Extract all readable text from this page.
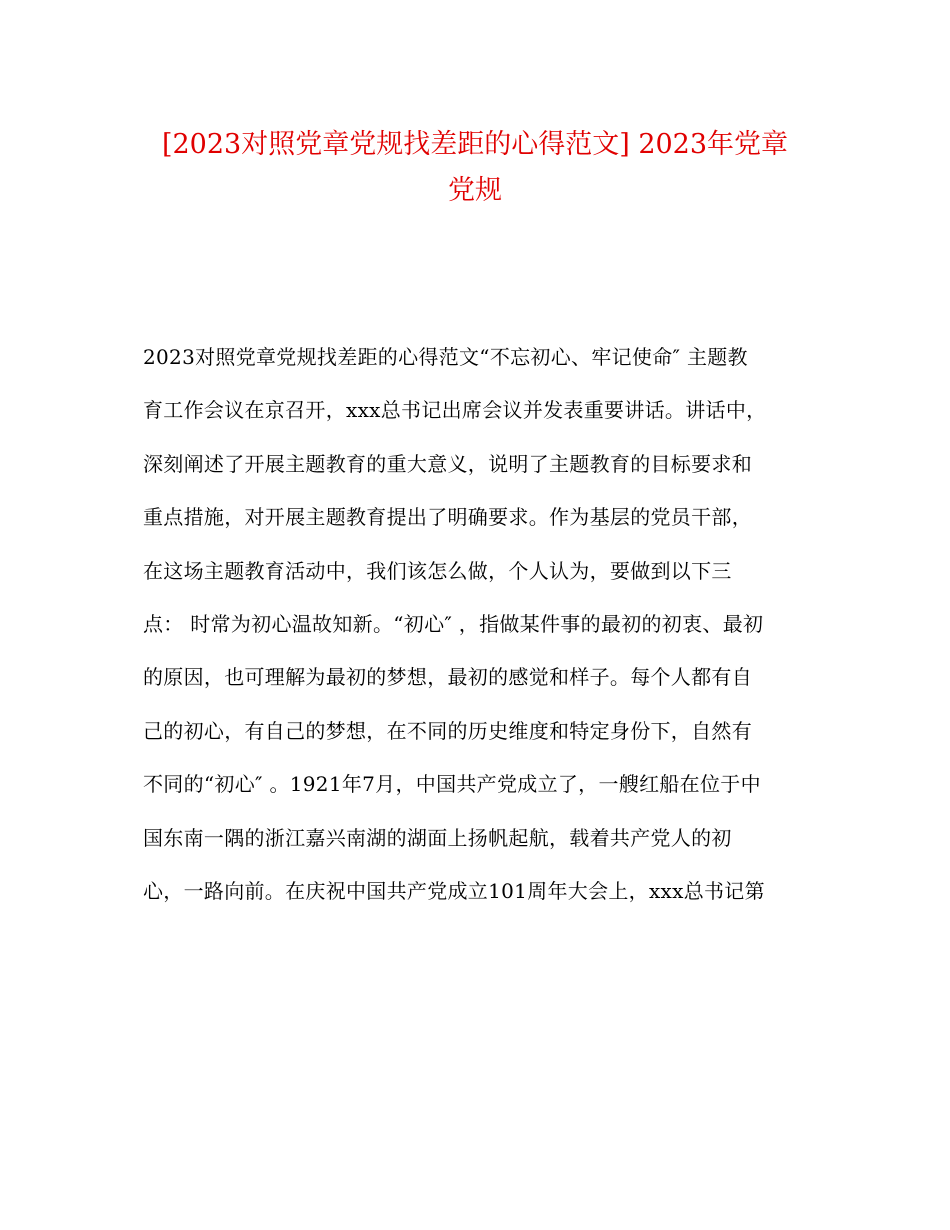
[2023对照党章党规找差距的心得范文] 2023年党章
党规
2023对照党章党规找差距的心得范文“不忘初心、牢记使命″ 主题教
育工作会议在京召开，xxx总书记出席会议并发表重要讲话。讲话中，
深刻阐述了开展主题教育的重大意义，说明了主题教育的目标要求和
重点措施，对开展主题教育提出了明确要求。作为基层的党员干部，
在这场主题教育活动中，我们该怎么做，个人认为，要做到以下三
点： 时常为初心温故知新。“初心″ ，指做某件事的最初的初衷、最初
的原因，也可理解为最初的梦想，最初的感觉和样子。每个人都有自
己的初心，有自己的梦想，在不同的历史维度和特定身份下，自然有
不同的“初心″ 。1921年7月，中国共产党成立了，一艘红船在位于中
国东南一隅的浙江嘉兴南湖的湖面上扬帆起航，载着共产党人的初
心，一路向前。在庆祝中国共产党成立101周年大会上，xxx总书记第
